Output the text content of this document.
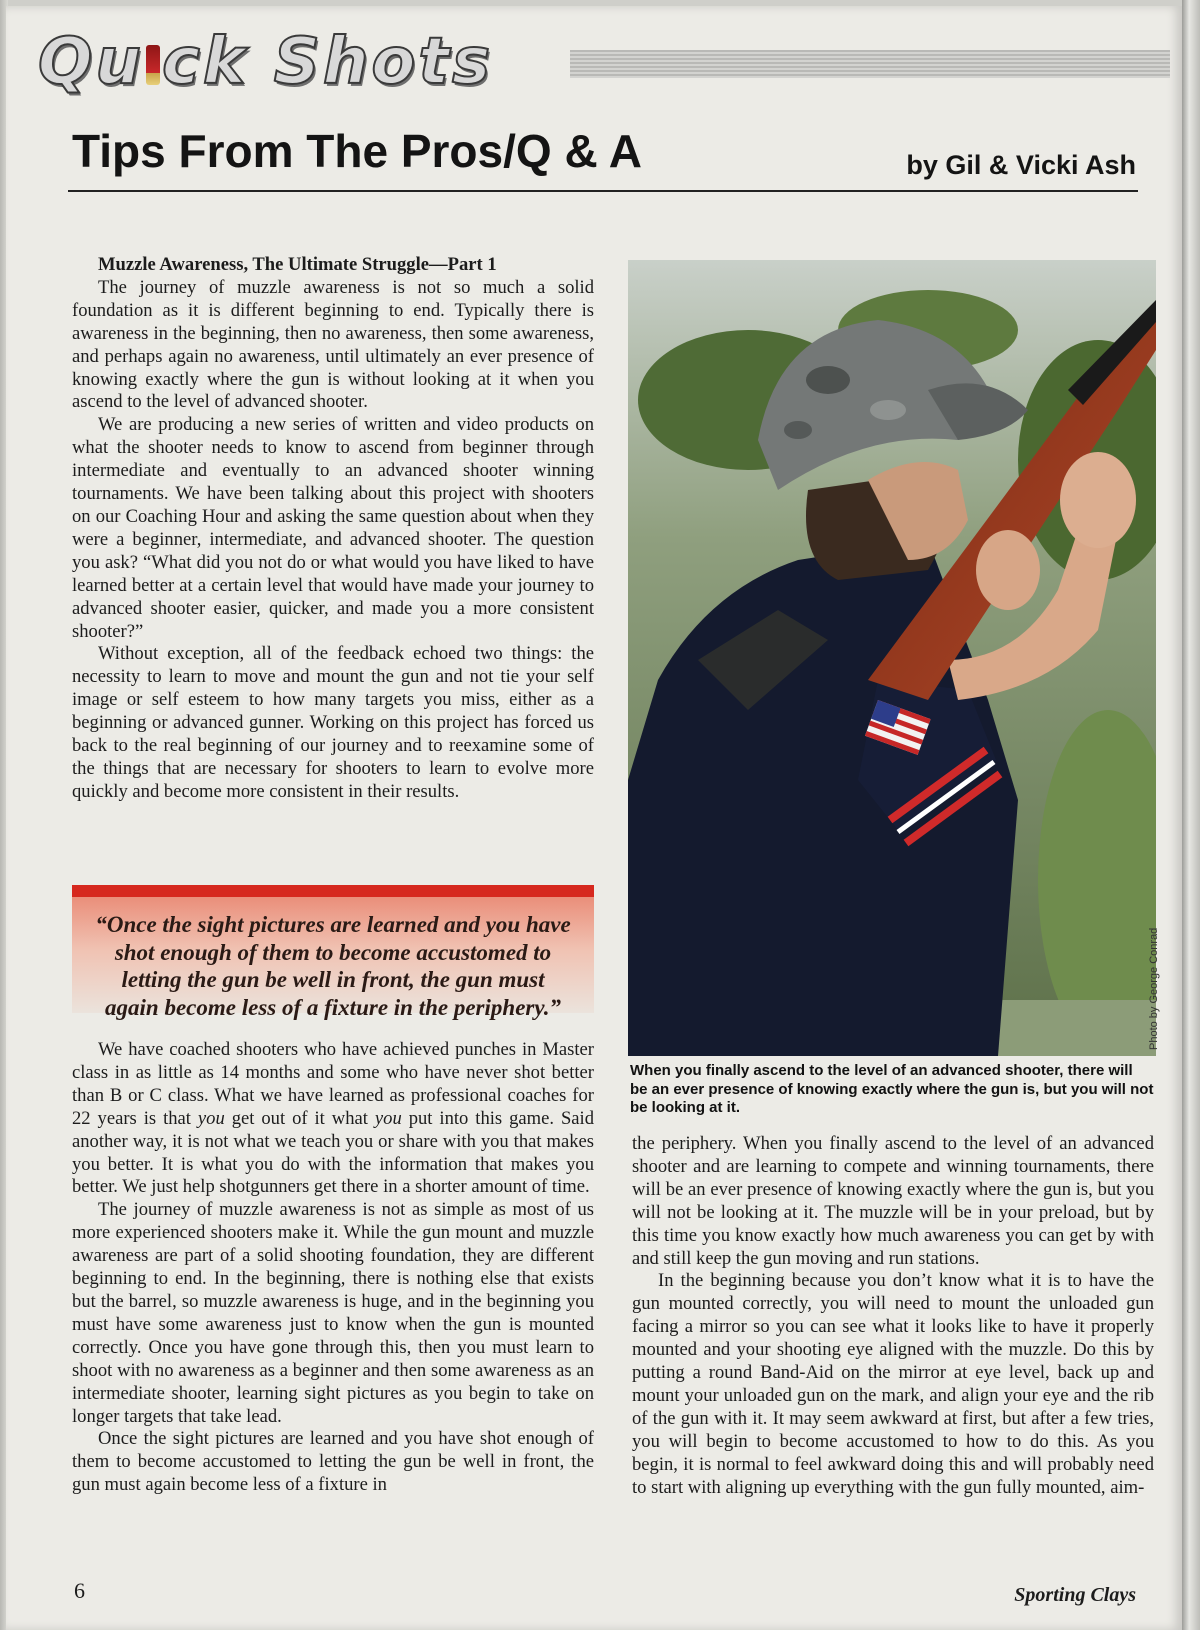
Qu ck Shots
Tips From The Pros/Q & A	by Gil & Vicki Ash

Muzzle Awareness, The Ultimate Struggle—Part 1

The journey of muzzle awareness is not so much a solid foundation as it is different beginning to end. Typically there is awareness in the beginning, then no awareness, then some awareness, and perhaps again no awareness, until ultimately an ever presence of knowing exactly where the gun is without looking at it when you ascend to the level of advanced shooter.

We are producing a new series of written and video products on what the shooter needs to know to ascend from beginner through intermediate and eventually to an advanced shooter winning tournaments. We have been talking about this project with shooters on our Coaching Hour and asking the same question about when they were a beginner, intermediate, and advanced shooter. The question you ask? “What did you not do or what would you have liked to have learned better at a certain level that would have made your journey to advanced shooter easier, quicker, and made you a more consistent shooter?”

Without exception, all of the feedback echoed two things: the necessity to learn to move and mount the gun and not tie your self image or self esteem to how many targets you miss, either as a beginning or advanced gunner. Working on this project has forced us back to the real beginning of our journey and to reexamine some of the things that are necessary for shooters to learn to evolve more quickly and become more consistent in their results.

“Once the sight pictures are learned and you have shot enough of them to become accustomed to letting the gun be well in front, the gun must again become less of a fixture in the periphery.”

We have coached shooters who have achieved punches in Master class in as little as 14 months and some who have never shot better than B or C class. What we have learned as professional coaches for 22 years is that you get out of it what you put into this game. Said another way, it is not what we teach you or share with you that makes you better. It is what you do with the information that makes you better. We just help shotgunners get there in a shorter amount of time.

The journey of muzzle awareness is not as simple as most of us more experienced shooters make it. While the gun mount and muzzle awareness are part of a solid shooting foundation, they are different beginning to end. In the beginning, there is nothing else that exists but the barrel, so muzzle awareness is huge, and in the beginning you must have some awareness just to know when the gun is mounted correctly. Once you have gone through this, then you must learn to shoot with no awareness as a beginner and then some awareness as an intermediate shooter, learning sight pictures as you begin to take on longer targets that take lead.

Once the sight pictures are learned and you have shot enough of them to become accustomed to letting the gun be well in front, the gun must again become less of a fixture in

Photo by George Conrad
When you finally ascend to the level of an advanced shooter, there will be an ever presence of knowing exactly where the gun is, but you will not be looking at it.

the periphery. When you finally ascend to the level of an advanced shooter and are learning to compete and winning tournaments, there will be an ever presence of knowing exactly where the gun is, but you will not be looking at it. The muzzle will be in your preload, but by this time you know exactly how much awareness you can get by with and still keep the gun moving and run stations.

In the beginning because you don’t know what it is to have the gun mounted correctly, you will need to mount the unloaded gun facing a mirror so you can see what it looks like to have it properly mounted and your shooting eye aligned with the muzzle. Do this by putting a round Band-Aid on the mirror at eye level, back up and mount your unloaded gun on the mark, and align your eye and the rib of the gun with it. It may seem awkward at first, but after a few tries, you will begin to become accustomed to how to do this. As you begin, it is normal to feel awkward doing this and will probably need to start with aligning up everything with the gun fully mounted, aim-

6	Sporting Clays
